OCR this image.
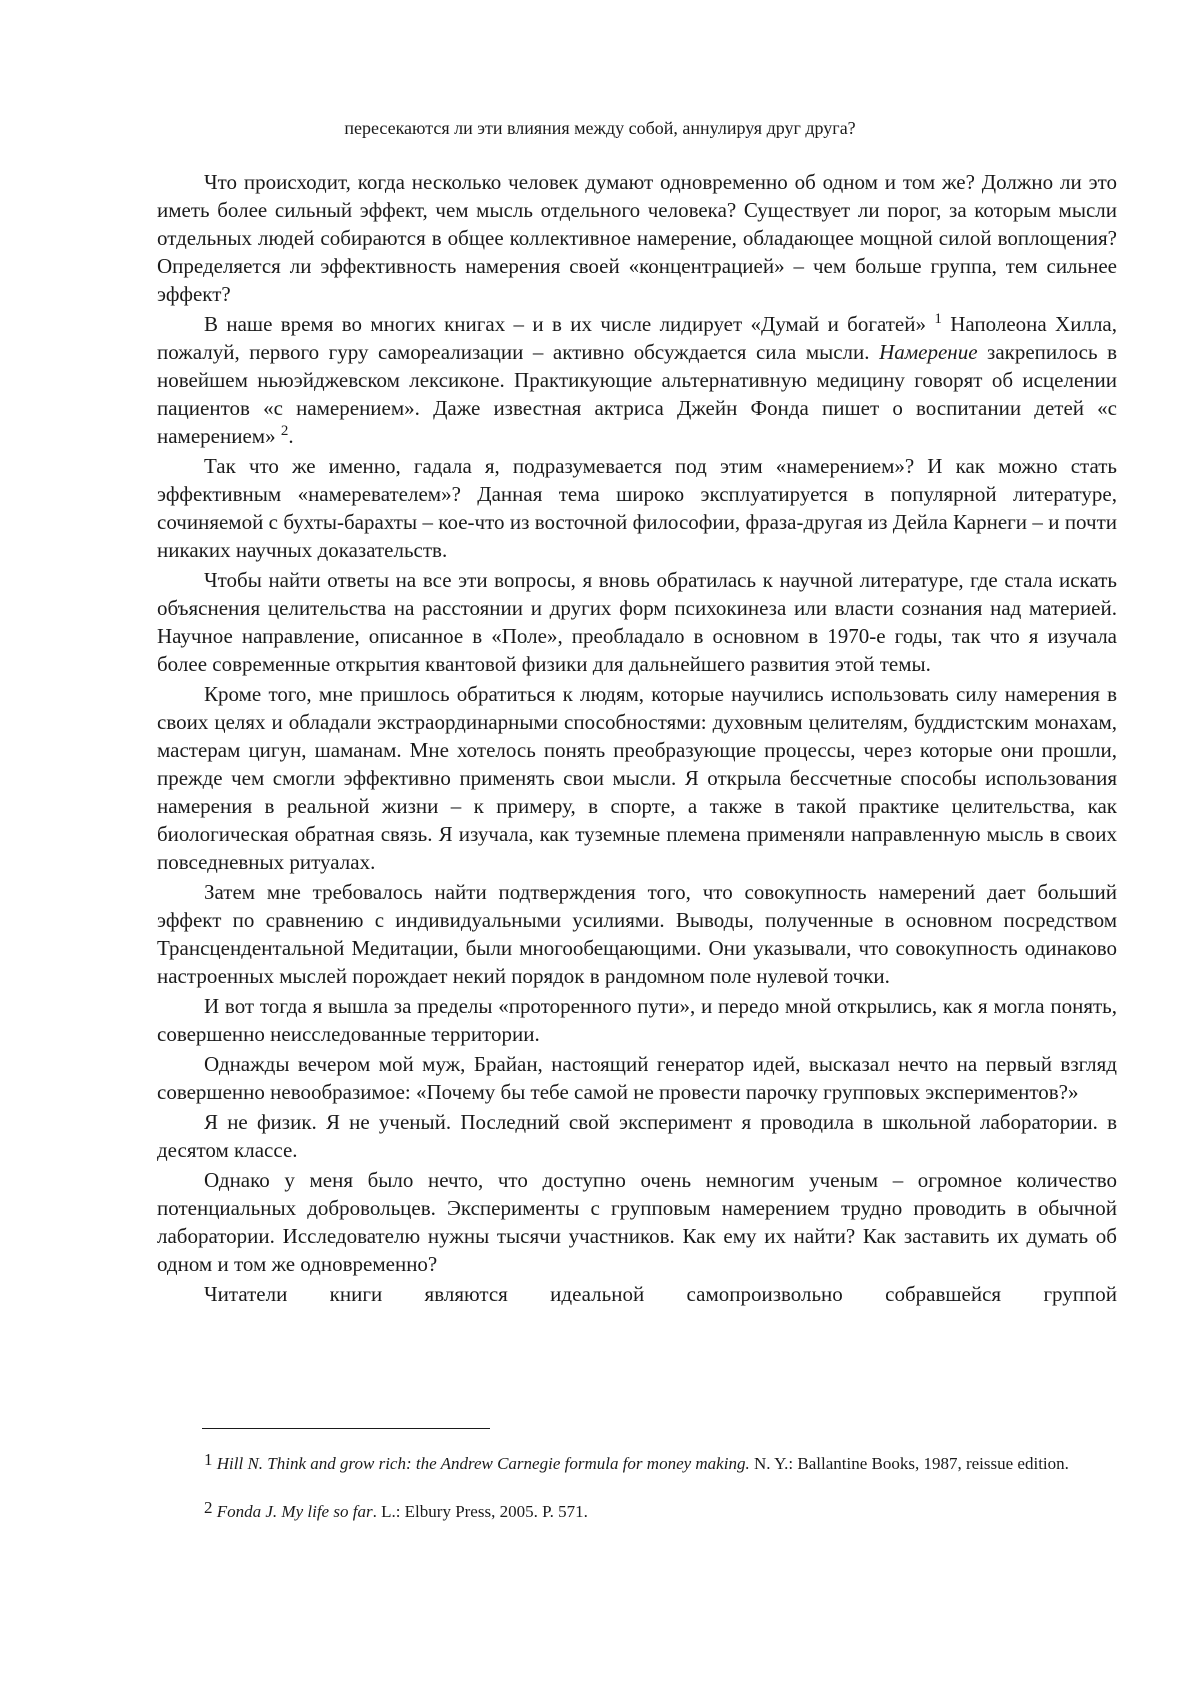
пересекаются ли эти влияния между собой, аннулируя друг друга?

Что происходит, когда несколько человек думают одновременно об одном и том же? Должно ли это иметь более сильный эффект, чем мысль отдельного человека? Существует ли порог, за которым мысли отдельных людей собираются в общее коллективное намерение, обладающее мощной силой воплощения? Определяется ли эффективность намерения своей «концентрацией» – чем больше группа, тем сильнее эффект?

В наше время во многих книгах – и в их числе лидирует «Думай и богатей» $^1$ Наполеона Хилла, пожалуй, первого гуру самореализации – активно обсуждается сила мысли. Намерение закрепилось в новейшем ньюэйджевском лексиконе. Практикующие альтернативную медицину говорят об исцелении пациентов «с намерением». Даже известная актриса Джейн Фонда пишет о воспитании детей «с намерением» $^2$.

Так что же именно, гадала я, подразумевается под этим «намерением»? И как можно стать эффективным «намеревателем»? Данная тема широко эксплуатируется в популярной литературе, сочиняемой с бухты-барахты – кое-что из восточной философии, фраза-другая из Дейла Карнеги – и почти никаких научных доказательств.

Чтобы найти ответы на все эти вопросы, я вновь обратилась к научной литературе, где стала искать объяснения целительства на расстоянии и других форм психокинеза или власти сознания над материей. Научное направление, описанное в «Поле», преобладало в основном в 1970-е годы, так что я изучала более современные открытия квантовой физики для дальнейшего развития этой темы.

Кроме того, мне пришлось обратиться к людям, которые научились использовать силу намерения в своих целях и обладали экстраординарными способностями: духовным целителям, буддистским монахам, мастерам цигун, шаманам. Мне хотелось понять преобразующие процессы, через которые они прошли, прежде чем смогли эффективно применять свои мысли. Я открыла бессчетные способы использования намерения в реальной жизни – к примеру, в спорте, а также в такой практике целительства, как биологическая обратная связь. Я изучала, как туземные племена применяли направленную мысль в своих повседневных ритуалах.

Затем мне требовалось найти подтверждения того, что совокупность намерений дает больший эффект по сравнению с индивидуальными усилиями. Выводы, полученные в основном посредством Трансцендентальной Медитации, были многообещающими. Они указывали, что совокупность одинаково настроенных мыслей порождает некий порядок в рандомном поле нулевой точки.

И вот тогда я вышла за пределы «проторенного пути», и передо мной открылись, как я могла понять, совершенно неисследованные территории.

Однажды вечером мой муж, Брайан, настоящий генератор идей, высказал нечто на первый взгляд совершенно невообразимое: «Почему бы тебе самой не провести парочку групповых экспериментов?»

Я не физик. Я не ученый. Последний свой эксперимент я проводила в школьной лаборатории. в десятом классе.

Однако у меня было нечто, что доступно очень немногим ученым – огромное количество потенциальных добровольцев. Эксперименты с групповым намерением трудно проводить в обычной лаборатории. Исследователю нужны тысячи участников. Как ему их найти? Как заставить их думать об одном и том же одновременно?

Читатели книги являются идеальной самопроизвольно собравшейся группой

1 Hill N. Think and grow rich: the Andrew Carnegie formula for money making. N. Y.: Ballantine Books, 1987, reissue edition.

2 Fonda J. My life so far. L.: Elbury Press, 2005. P. 571.
